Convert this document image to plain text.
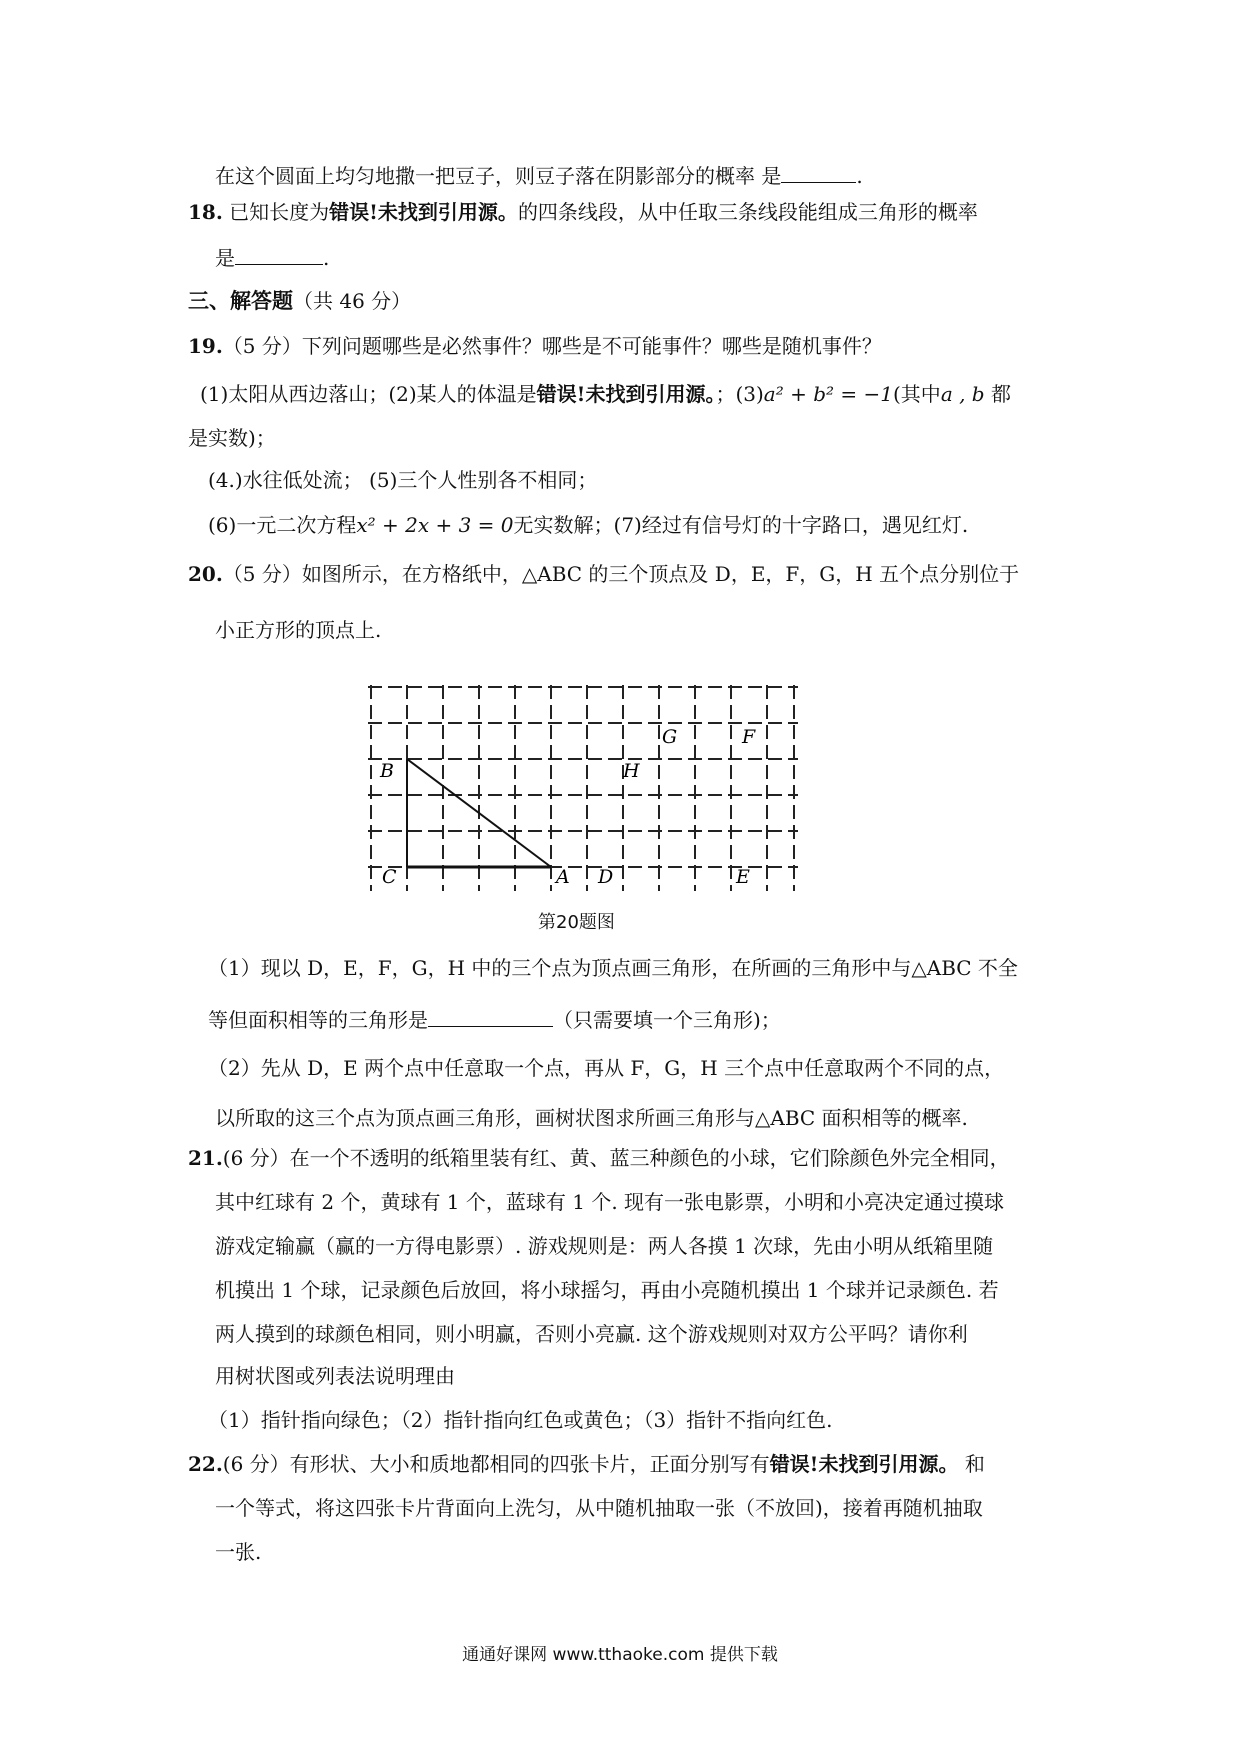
在这个圆面上均匀地撒一把豆子，则豆子落在阴影部分的概率 是	.
18. 已知长度为错误!未找到引用源。的四条线段，从中任取三条线段能组成三角形的概率
是	.
三、解答题（共 46 分）
19.（5 分）下列问题哪些是必然事件？哪些是不可能事件？哪些是随机事件？
(1)太阳从西边落山；(2)某人的体温是错误!未找到引用源。；(3)a² + b² = −1(其中a , b 都
是实数)；
(4.)水往低处流； (5)三个人性别各不相同；
(6)一元二次方程x² + 2x + 3 = 0无实数解；(7)经过有信号灯的十字路口，遇见红灯.
20.（5 分）如图所示，在方格纸中，△ABC 的三个顶点及 D，E，F，G，H 五个点分别位于
小正方形的顶点上.
B
C	A D	E
F
G
H
第20题图
（1）现以 D，E，F，G，H 中的三个点为顶点画三角形，在所画的三角形中与△ABC 不全
等但面积相等的三角形是	（只需要填一个三角形)；
（2）先从 D，E 两个点中任意取一个点，再从 F，G，H 三个点中任意取两个不同的点，
以所取的这三个点为顶点画三角形，画树状图求所画三角形与△ABC 面积相等的概率.
21.(6 分）在一个不透明的纸箱里装有红、黄、蓝三种颜色的小球，它们除颜色外完全相同，
其中红球有 2 个，黄球有 1 个，蓝球有 1 个. 现有一张电影票，小明和小亮决定通过摸球
游戏定输赢（赢的一方得电影票）. 游戏规则是：两人各摸 1 次球，先由小明从纸箱里随
机摸出 1 个球，记录颜色后放回，将小球摇匀，再由小亮随机摸出 1 个球并记录颜色. 若
两人摸到的球颜色相同，则小明赢，否则小亮赢. 这个游戏规则对双方公平吗？请你利
用树状图或列表法说明理由
（1）指针指向绿色；（2）指针指向红色或黄色；（3）指针不指向红色.
22.(6 分）有形状、大小和质地都相同的四张卡片，正面分别写有错误!未找到引用源。 和
一个等式，将这四张卡片背面向上洗匀，从中随机抽取一张（不放回)，接着再随机抽取
一张.
通通好课网 www.tthaoke.com 提供下载
